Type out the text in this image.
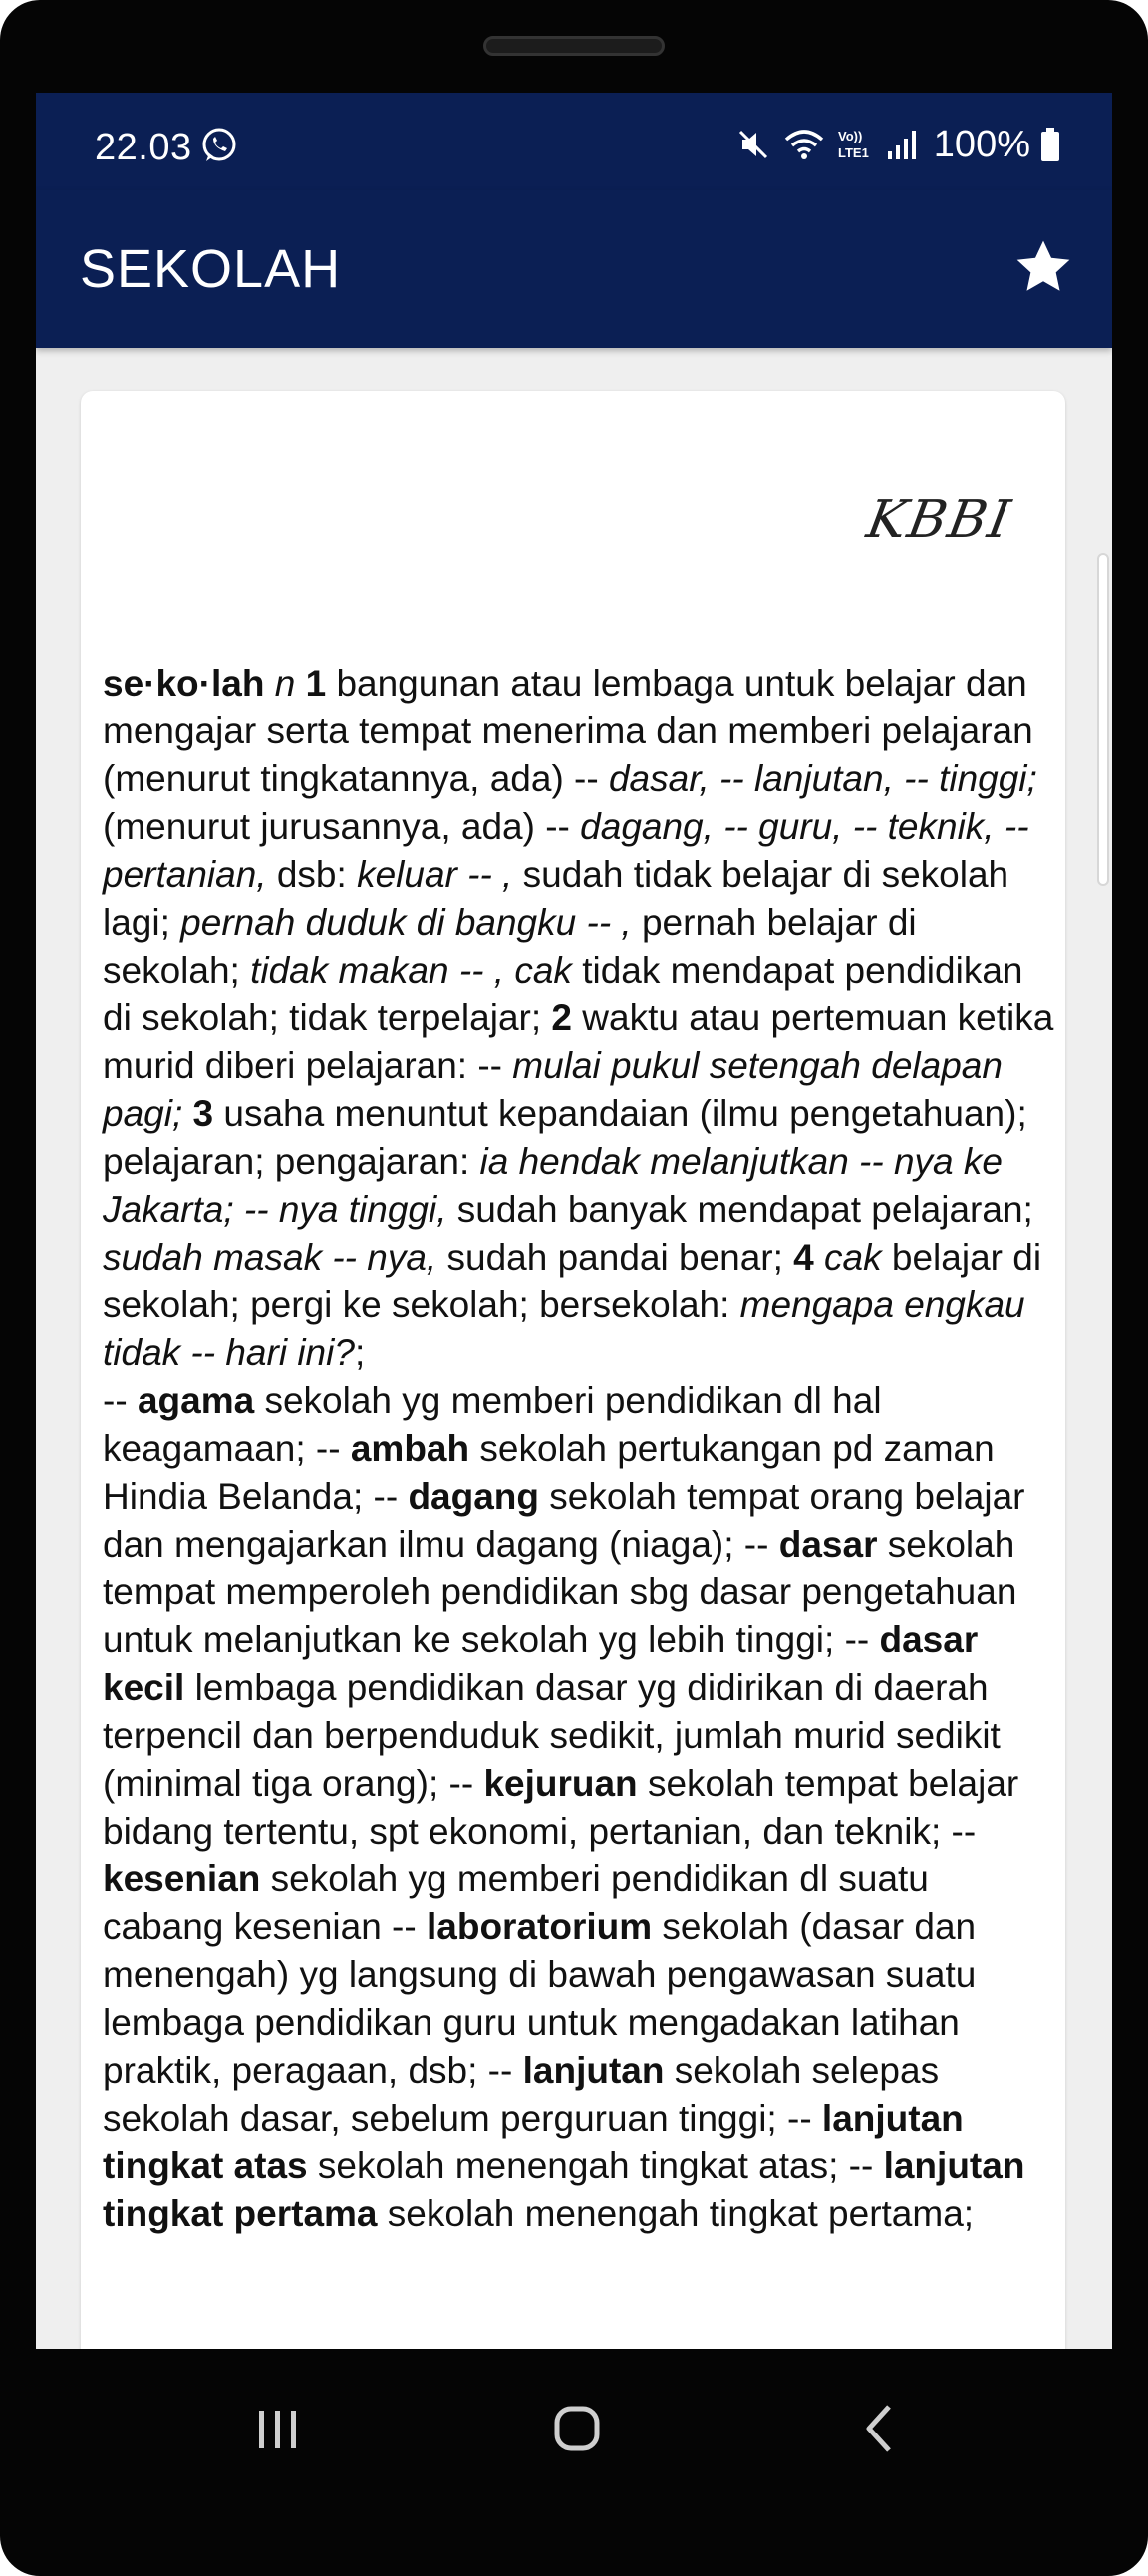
22.03	Vo))
LTE1 100%
SEKOLAH
KBBI
se·ko·lah n 1 bangunan atau lembaga untuk belajar dan mengajar serta tempat menerima dan memberi pelajaran (menurut tingkatannya, ada) -- dasar, -- lanjutan, -- tinggi; (menurut jurusannya, ada) -- dagang, -- guru, -- teknik, -- pertanian, dsb: keluar -- , sudah tidak belajar di sekolah lagi; pernah duduk di bangku -- , pernah belajar di sekolah; tidak makan -- , cak tidak mendapat pendidikan di sekolah; tidak terpelajar; 2 waktu atau pertemuan ketika murid diberi pelajaran: -- mulai pukul setengah delapan pagi; 3 usaha menuntut kepandaian (ilmu pengetahuan); pelajaran; pengajaran: ia hendak melanjutkan -- nya ke Jakarta; -- nya tinggi, sudah banyak mendapat pelajaran; sudah masak -- nya, sudah pandai benar; 4 cak belajar di sekolah; pergi ke sekolah; bersekolah: mengapa engkau tidak -- hari ini?;
-- agama sekolah yg memberi pendidikan dl hal keagamaan; -- ambah sekolah pertukangan pd zaman Hindia Belanda; -- dagang sekolah tempat orang belajar dan mengajarkan ilmu dagang (niaga); -- dasar sekolah tempat memperoleh pendidikan sbg dasar pengetahuan untuk melanjutkan ke sekolah yg lebih tinggi; -- dasar kecil lembaga pendidikan dasar yg didirikan di daerah terpencil dan berpenduduk sedikit, jumlah murid sedikit (minimal tiga orang); -- kejuruan sekolah tempat belajar bidang tertentu, spt ekonomi, pertanian, dan teknik; -- kesenian sekolah yg memberi pendidikan dl suatu cabang kesenian -- laboratorium sekolah (dasar dan menengah) yg langsung di bawah pengawasan suatu lembaga pendidikan guru untuk mengadakan latihan praktik, peragaan, dsb; -- lanjutan sekolah selepas sekolah dasar, sebelum perguruan tinggi; -- lanjutan tingkat atas sekolah menengah tingkat atas; -- lanjutan tingkat pertama sekolah menengah tingkat pertama;
